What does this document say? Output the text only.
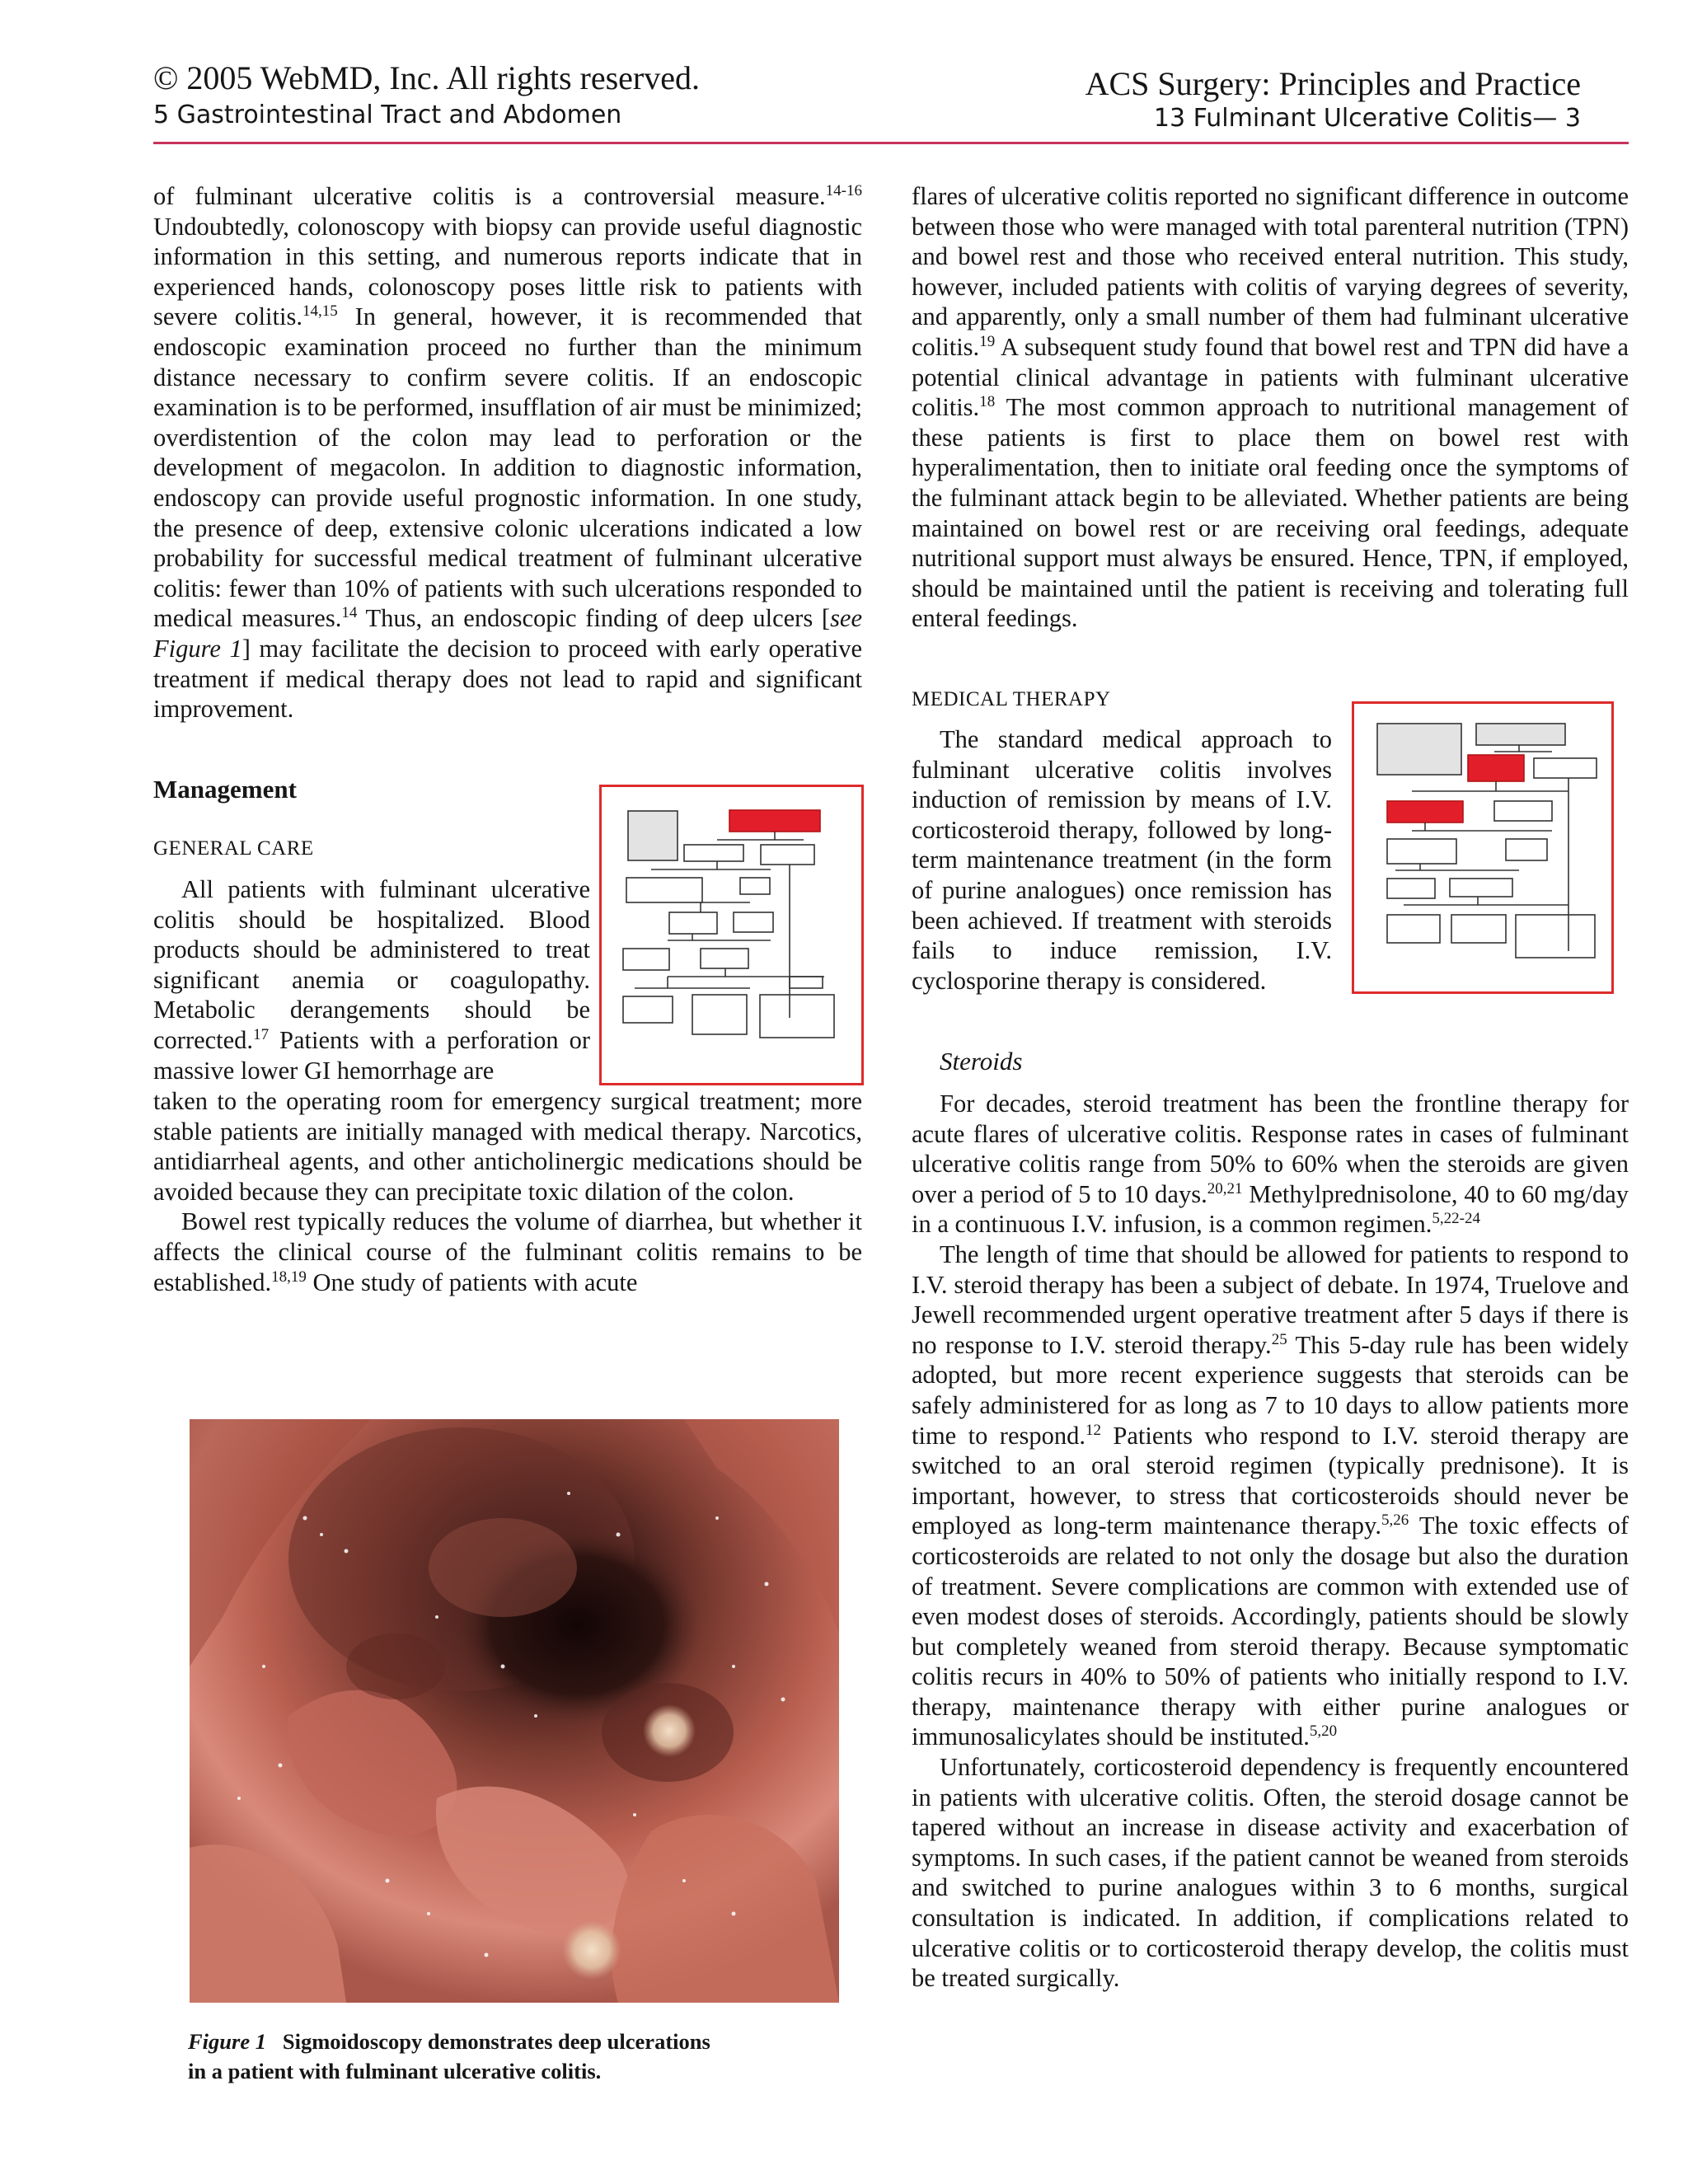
© 2005 WebMD, Inc. All rights reserved.
5 Gastrointestinal Tract and Abdomen
ACS Surgery: Principles and Practice
13 Fulminant Ulcerative Colitis— 3
of fulminant ulcerative colitis is a controversial measure.$^{14-16}$ Undoubtedly, colonoscopy with biopsy can provide useful diagnostic information in this setting, and numerous reports indicate that in experienced hands, colonoscopy poses little risk to patients with severe colitis.$^{14,15}$ In general, however, it is recommended that endoscopic examination proceed no further than the minimum distance necessary to confirm severe colitis. If an endoscopic examination is to be performed, insufflation of air must be minimized; overdistention of the colon may lead to perforation or the development of megacolon. In addition to diagnostic information, endoscopy can provide useful prognostic information. In one study, the presence of deep, extensive colonic ulcerations indicated a low probability for successful medical treatment of fulminant ulcerative colitis: fewer than 10% of patients with such ulcerations responded to medical measures.$^{14}$ Thus, an endoscopic finding of deep ulcers [see Figure 1] may facilitate the decision to proceed with early operative treatment if medical therapy does not lead to rapid and significant improvement.
Management
GENERAL CARE

All patients with fulminant ulcerative colitis should be hospitalized. Blood products should be administered to treat significant anemia or coagulopathy. Metabolic derangements should be corrected.$^{17}$ Patients with a perforation or massive lower GI hemorrhage are

taken to the operating room for emergency surgical treatment; more stable patients are initially managed with medical therapy. Narcotics, antidiarrheal agents, and other anticholinergic medications should be avoided because they can precipitate toxic dilation of the colon.

Bowel rest typically reduces the volume of diarrhea, but whether it affects the clinical course of the fulminant colitis remains to be established.$^{18,19}$ One study of patients with acute

Figure 1 Sigmoidoscopy demonstrates deep ulcerations
in a patient with fulminant ulcerative colitis.
flares of ulcerative colitis reported no significant difference in outcome between those who were managed with total parenteral nutrition (TPN) and bowel rest and those who received enteral nutrition. This study, however, included patients with colitis of varying degrees of severity, and apparently, only a small number of them had fulminant ulcerative colitis.$^{19}$ A subsequent study found that bowel rest and TPN did have a potential clinical advantage in patients with fulminant ulcerative colitis.$^{18}$ The most common approach to nutritional management of these patients is first to place them on bowel rest with hyperalimentation, then to initiate oral feeding once the symptoms of the fulminant attack begin to be alleviated. Whether patients are being maintained on bowel rest or are receiving oral feedings, adequate nutritional support must always be ensured. Hence, TPN, if employed, should be maintained until the patient is receiving and tolerating full enteral feedings.
MEDICAL THERAPY

The standard medical approach to fulminant ulcerative colitis involves induction of remission by means of I.V. corticosteroid therapy, followed by long-term maintenance treatment (in the form of purine analogues) once remission has been achieved. If treatment with steroids fails to induce remission, I.V. cyclosporine therapy is considered.

Steroids

For decades, steroid treatment has been the frontline therapy for acute flares of ulcerative colitis. Response rates in cases of fulminant ulcerative colitis range from 50% to 60% when the steroids are given over a period of 5 to 10 days.$^{20,21}$ Methylprednisolone, 40 to 60 mg/day in a continuous I.V. infusion, is a common regimen.$^{5,22-24}$

The length of time that should be allowed for patients to respond to I.V. steroid therapy has been a subject of debate. In 1974, Truelove and Jewell recommended urgent operative treatment after 5 days if there is no response to I.V. steroid therapy.$^{25}$ This 5-day rule has been widely adopted, but more recent experience suggests that steroids can be safely administered for as long as 7 to 10 days to allow patients more time to respond.$^{12}$ Patients who respond to I.V. steroid therapy are switched to an oral steroid regimen (typically prednisone). It is important, however, to stress that corticosteroids should never be employed as long-term maintenance therapy.$^{5,26}$ The toxic effects of corticosteroids are related to not only the dosage but also the duration of treatment. Severe complications are common with extended use of even modest doses of steroids. Accordingly, patients should be slowly but completely weaned from steroid therapy. Because symptomatic colitis recurs in 40% to 50% of patients who initially respond to I.V. therapy, maintenance therapy with either purine analogues or immunosalicylates should be instituted.$^{5,20}$

Unfortunately, corticosteroid dependency is frequently encountered in patients with ulcerative colitis. Often, the steroid dosage cannot be tapered without an increase in disease activity and exacerbation of symptoms. In such cases, if the patient cannot be weaned from steroids and switched to purine analogues within 3 to 6 months, surgical consultation is indicated. In addition, if complications related to ulcerative colitis or to corticosteroid therapy develop, the colitis must be treated surgically.
